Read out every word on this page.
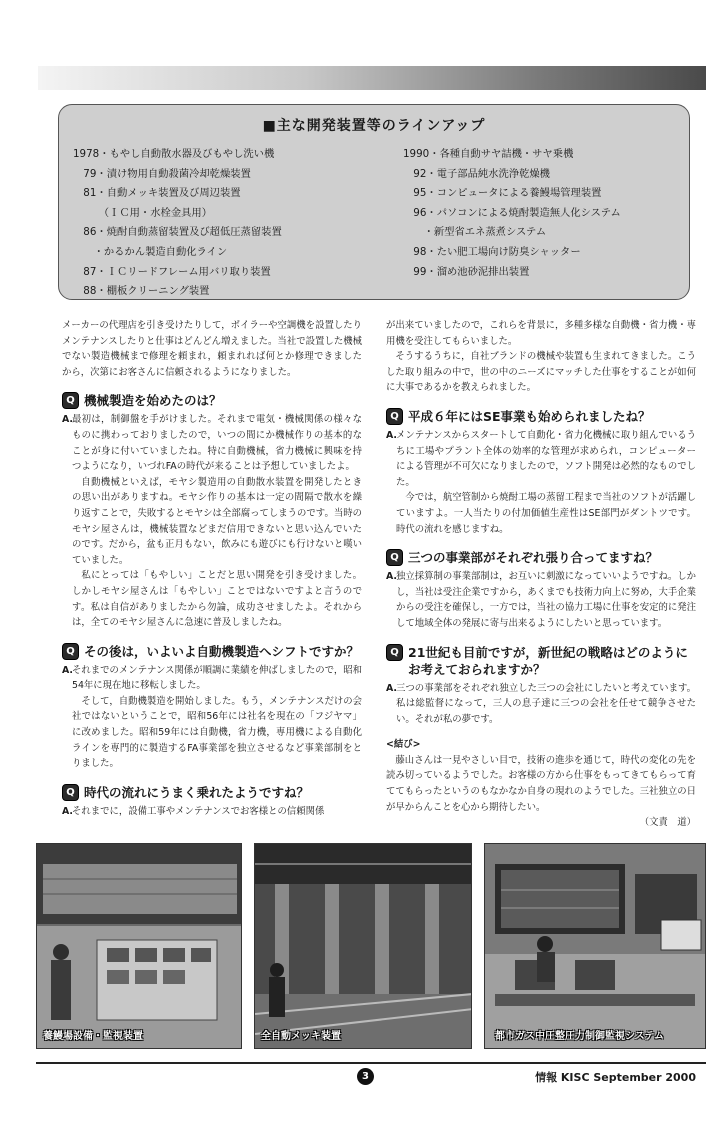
■主な開発装置等のラインアップ
1978・もやし自動散水器及びもやし洗い機
　79・漬け物用自動殺菌冷却乾燥装置
　81・自動メッキ装置及び周辺装置
　　　（ＩＣ用・水栓金具用）
　86・焼酎自動蒸留装置及び超低圧蒸留装置
　　・かるかん製造自動化ライン
　87・ＩＣリードフレーム用バリ取り装置
　88・棚板クリーニング装置
1990・各種自動サヤ詰機・サヤ乗機
　92・電子部品純水洗浄乾燥機
　95・コンピュータによる養鰻場管理装置
　96・パソコンによる焼酎製造無人化システム
　　・新型省エネ蒸煮システム
　98・たい肥工場向け防臭シャッター
　99・溜め池砂泥排出装置

メーカーの代理店を引き受けたりして，ボイラーや空調機を設置したりメンテナンスしたりと仕事はどんどん増えました。当社で設置した機械でない製造機械まで修理を頼まれ，頼まれれば何とか修理できましたから，次第にお客さんに信頼されるようになりました。

Q 機械製造を始めたのは？
A. 最初は，制御盤を手がけました。それまで電気・機械関係の様々なものに携わっておりましたので，いつの間にか機械作りの基本的なことが身に付いていましたね。特に自動機械，省力機械に興味を持つようになり，いづれFAの時代が来ることは予想していましたよ。

自動機械といえば，モヤシ製造用の自動散水装置を開発したときの思い出がありますね。モヤシ作りの基本は一定の間隔で散水を繰り返すことで，失敗するとモヤシは全部腐ってしまうのです。当時のモヤシ屋さんは，機械装置などまだ信用できないと思い込んでいたのです。だから，盆も正月もない，飲みにも遊びにも行けないと嘆いていました。

私にとっては「もやしい」ことだと思い開発を引き受けました。しかしモヤシ屋さんは「もやしい」ことではないですよと言うのです。私は自信がありましたから勿論，成功させましたよ。それからは，全てのモヤシ屋さんに急速に普及しましたね。

Q その後は，いよいよ自動機製造へシフトですか？
A. それまでのメンテナンス関係が順調に業績を伸ばしましたので，昭和54年に現在地に移転しました。

そして，自動機製造を開始しました。もう，メンテナンスだけの会社ではないということで，昭和56年には社名を現在の「フジヤマ」に改めました。昭和59年には自動機，省力機，専用機による自動化ラインを専門的に製造するFA事業部を独立させるなど事業部制をとりました。

Q 時代の流れにうまく乗れたようですね？
A. それまでに，設備工事やメンテナンスでお客様との信頼関係

が出来ていましたので，これらを背景に，多種多様な自動機・省力機・専用機を受注してもらいました。

そうするうちに，自社ブランドの機械や装置も生まれてきました。こうした取り組みの中で，世の中のニーズにマッチした仕事をすることが如何に大事であるかを教えられました。

Q 平成６年にはSE事業も始められましたね？
A. メンテナンスからスタートして自動化・省力化機械に取り組んでいるうちに工場やプラント全体の効率的な管理が求められ，コンピューターによる管理が不可欠になりましたので，ソフト開発は必然的なものでした。

今では，航空管制から焼酎工場の蒸留工程まで当社のソフトが活躍していますよ。一人当たりの付加価値生産性はSE部門がダントツです。時代の流れを感じますね。

Q 三つの事業部がそれぞれ張り合ってますね？
A. 独立採算制の事業部制は，お互いに刺激になっていいようですね。しかし，当社は受注企業ですから，あくまでも技術力向上に努め，大手企業からの受注を確保し，一方では，当社の協力工場に仕事を安定的に発注して地域全体の発展に寄与出来るようにしたいと思っています。

Q 21世紀も目前ですが，新世紀の戦略はどのようにお考えておられますか？
A. 三つの事業部をそれぞれ独立した三つの会社にしたいと考えています。私は総監督になって，三人の息子達に三つの会社を任せて競争させたい。それが私の夢です。

<結び>

藤山さんは一見やさしい目で，技術の進歩を通じて，時代の変化の先を読み切っているようでした。お客様の方から仕事をもってきてもらって育ててもらったというのもなかなか自身の現れのようでした。三社独立の日が早からんことを心から期待したい。

（文責　道）

養鰻場設備・監視装置	全自動メッキ装置	都市ガス中圧整圧力制御監視システム
3	情報 KISC September 2000
